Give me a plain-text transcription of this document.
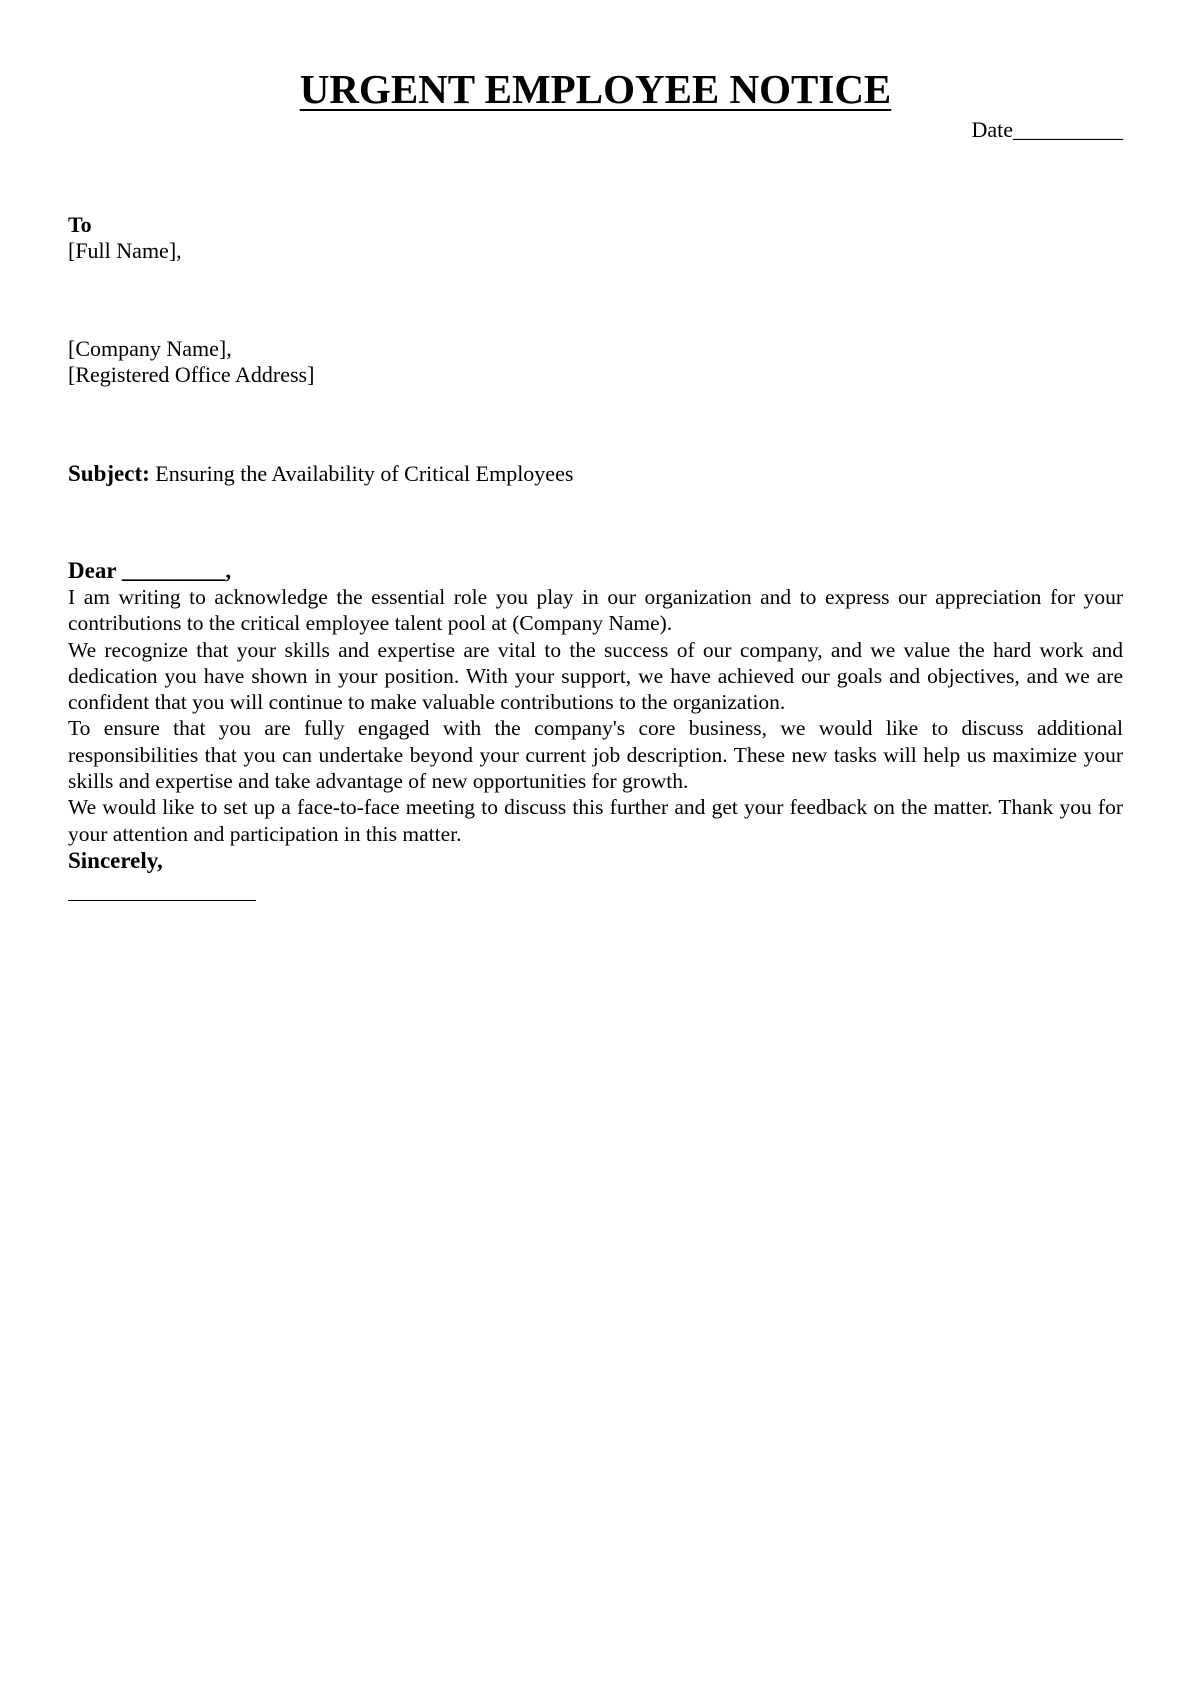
URGENT EMPLOYEE NOTICE
Date__________
To
[Full Name],
[Company Name],
[Registered Office Address]
Subject: Ensuring the Availability of Critical Employees
Dear _________,

I am writing to acknowledge the essential role you play in our organization and to express our appreciation for your contributions to the critical employee talent pool at (Company Name).

We recognize that your skills and expertise are vital to the success of our company, and we value the hard work and dedication you have shown in your position. With your support, we have achieved our goals and objectives, and we are confident that you will continue to make valuable contributions to the organization.

To ensure that you are fully engaged with the company's core business, we would like to discuss additional responsibilities that you can undertake beyond your current job description. These new tasks will help us maximize your skills and expertise and take advantage of new opportunities for growth.

We would like to set up a face-to-face meeting to discuss this further and get your feedback on the matter. Thank you for your attention and participation in this matter.

Sincerely,
